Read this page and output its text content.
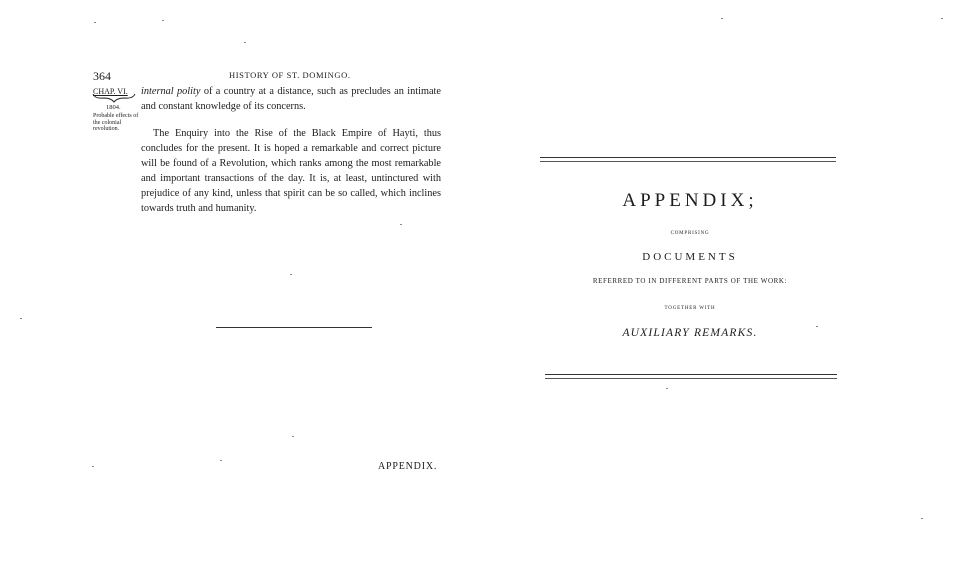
364	HISTORY OF ST. DOMINGO.
CHAP. VI.
1804.
Probable effects of the colonial revolution.
internal polity of a country at a distance, such as precludes an intimate and constant knowledge of its concerns.
The Enquiry into the Rise of the Black Empire of Hayti, thus concludes for the present. It is hoped a remarkable and correct picture will be found of a Revolution, which ranks among the most remarkable and important transactions of the day. It is, at least, untinctured with prejudice of any kind, unless that spirit can be so called, which inclines towards truth and humanity.
APPENDIX.
APPENDIX;
COMPRISING
DOCUMENTS
REFERRED TO IN DIFFERENT PARTS OF THE WORK:
TOGETHER WITH
AUXILIARY REMARKS.
